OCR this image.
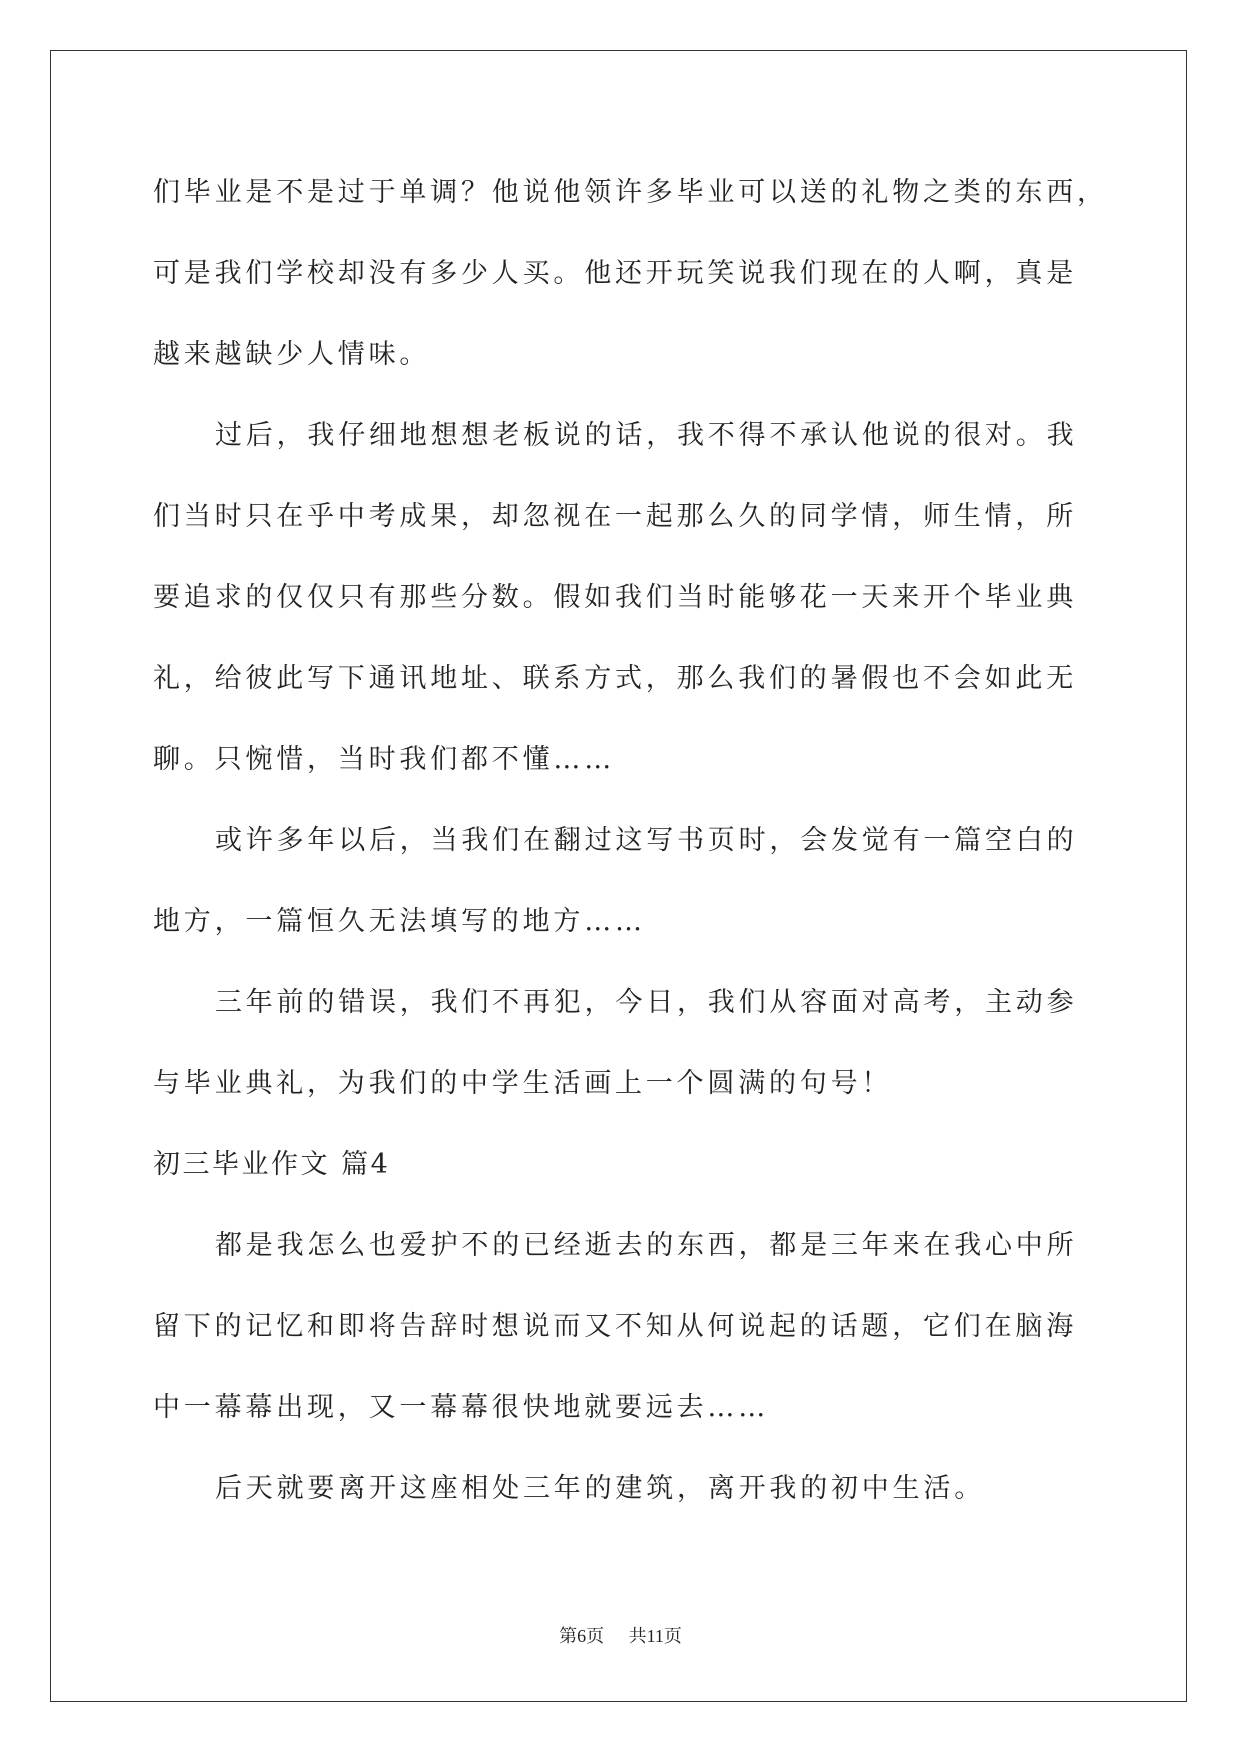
们毕业是不是过于单调？他说他领许多毕业可以送的礼物之类的东西，
可是我们学校却没有多少人买。他还开玩笑说我们现在的人啊，真是
越来越缺少人情味。
过后，我仔细地想想老板说的话，我不得不承认他说的很对。我
们当时只在乎中考成果，却忽视在一起那么久的同学情，师生情，所
要追求的仅仅只有那些分数。假如我们当时能够花一天来开个毕业典
礼，给彼此写下通讯地址、联系方式，那么我们的暑假也不会如此无
聊。只惋惜，当时我们都不懂……
或许多年以后，当我们在翻过这写书页时，会发觉有一篇空白的
地方，一篇恒久无法填写的地方……
三年前的错误，我们不再犯，今日，我们从容面对高考，主动参
与毕业典礼，为我们的中学生活画上一个圆满的句号！
初三毕业作文 篇4
都是我怎么也爱护不的已经逝去的东西，都是三年来在我心中所
留下的记忆和即将告辞时想说而又不知从何说起的话题，它们在脑海
中一幕幕出现，又一幕幕很快地就要远去……
后天就要离开这座相处三年的建筑，离开我的初中生活。
第6页 共11页
